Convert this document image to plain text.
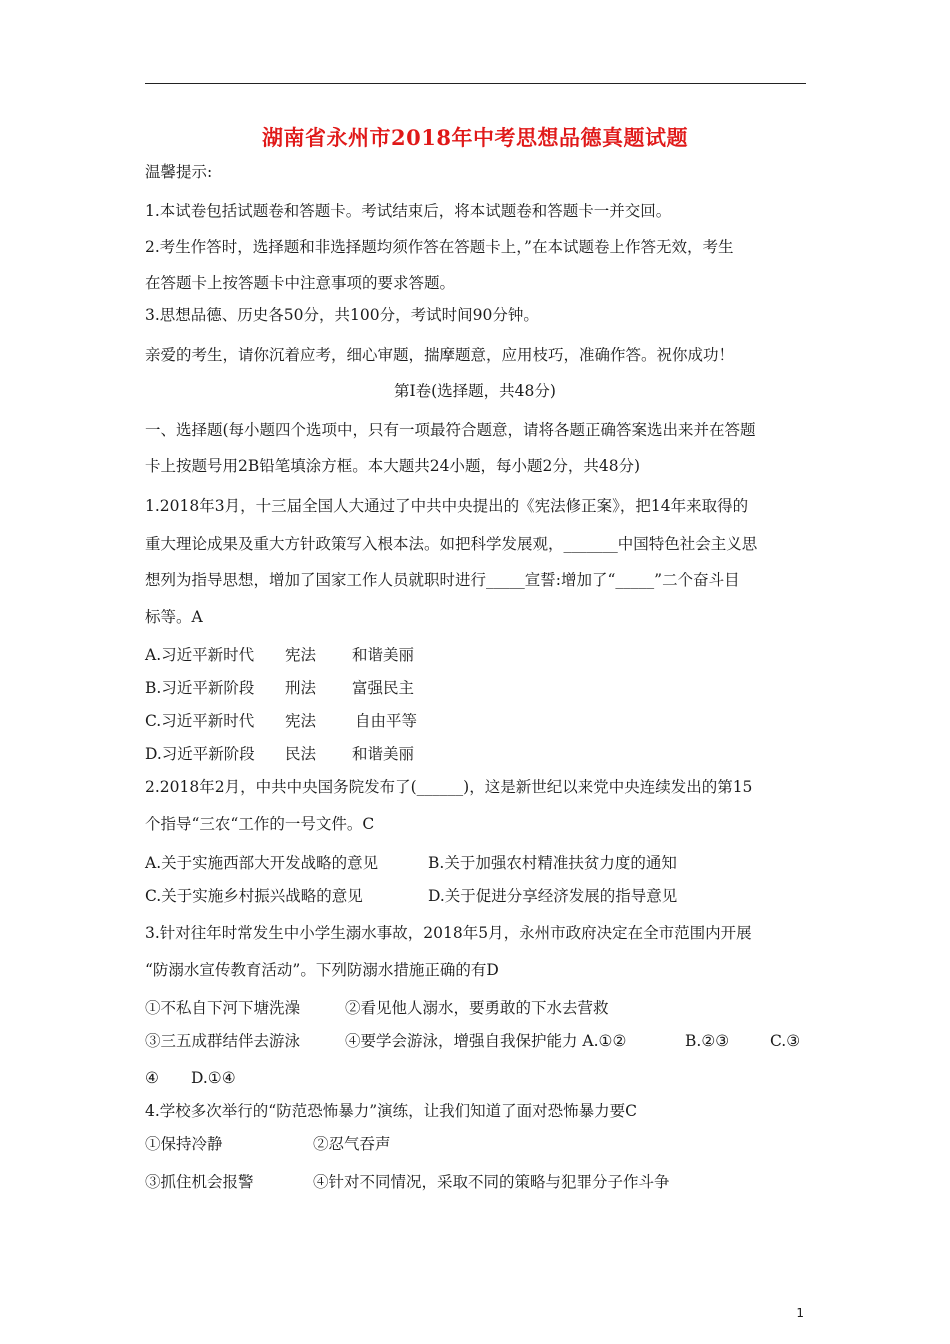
湖南省永州市2018年中考思想品德真题试题
温馨提示:
1.本试卷包括试题卷和答题卡。考试结束后，将本试题卷和答题卡一并交回。
2.考生作答时，选择题和非选择题均须作答在答题卡上，”在本试题卷上作答无效，考生
在答题卡上按答题卡中注意事项的要求答题。
3.思想品德、历史各50分，共100分，考试时间90分钟。
亲爱的考生，请你沉着应考，细心审题，揣摩题意，应用枝巧，准确作答。祝你成功！
第Ⅰ卷(选择题，共48分)
一、选择题(每小题四个选项中，只有一项最符合题意，请将各题正确答案选出来并在答题
卡上按题号用2B铅笔填涂方框。本大题共24小题，每小题2分，共48分)
1.2018年3月，十三届全国人大通过了中共中央提出的《宪法修正案》，把14年来取得的
重大理论成果及重大方针政策写入根本法。如把科学发展观，_______中国特色社会主义思
想列为指导思想，增加了国家工作人员就职时进行_____宣誓:增加了“_____”二个奋斗目
标等。A
A.习近平新时代 宪法 和谐美丽
B.习近平新阶段 刑法 富强民主
C.习近平新时代 宪法	自由平等
D.习近平新阶段 民法 和谐美丽
2.2018年2月，中共中央国务院发布了(______)，这是新世纪以来党中央连续发出的第15
个指导“三农“工作的一号文件。C
A.关于实施西部大开发战略的意见	B.关于加强农村精准扶贫力度的通知
C.关于实施乡村振兴战略的意见	D.关于促进分享经济发展的指导意见
3.针对往年时常发生中小学生溺水事故，2018年5月，永州市政府决定在全市范围内开展
“防溺水宣传教育活动”。下列防溺水措施正确的有D
①不私自下河下塘洗澡	②看见他人溺水，要勇敢的下水去营救
③三五成群结伴去游泳	④要学会游泳，增强自我保护能力 A.①②	B.②③	C.③
④ D.①④
4.学校多次举行的“防范恐怖暴力”演练，让我们知道了面对恐怖暴力要C
①保持冷静	②忍气吞声
③抓住机会报警	④针对不同情况，采取不同的策略与犯罪分子作斗争
1
